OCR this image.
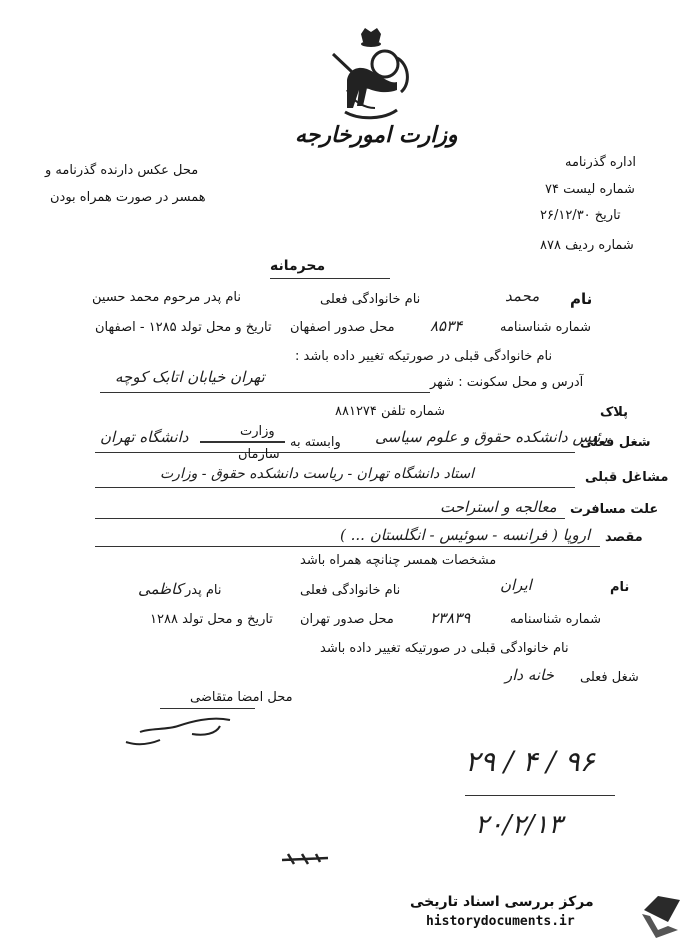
وزارت امورخارجه
اداره گذرنامه
شماره لیست ۷۴
تاریخ ۲۶/۱۲/۳۰
شماره ردیف ۸۷۸
محل عکس دارنده گذرنامه و
همسر در صورت همراه بودن
محرمانه
نام
محمد
نام خانوادگی فعلی
نام پدر مرحوم محمد حسین
شماره شناسنامه
۸۵۳۴
محل صدور اصفهان
تاریخ و محل تولد ۱۲۸۵ - اصفهان
نام خانوادگی قبلی در صورتیکه تغییر داده باشد :
آدرس و محل سکونت : شهر
تهران خیابان اتابک کوچه
پلاک
شماره تلفن ۸۸۱۲۷۴
وزارت
شغل فعلی
رئیس دانشکده حقوق و علوم سیاسی
وابسته به
دانشگاه تهران
سازمان
مشاغل قبلی
استاد دانشگاه تهران - ریاست دانشکده حقوق - وزارت
علت مسافرت
معالجه و استراحت
مقصد
اروپا ( فرانسه - سوئیس - انگلستان ... )
مشخصات همسر چنانچه همراه باشد
نام
ایران
نام خانوادگی فعلی
نام پدر
کاظمی
شماره شناسنامه
۲۳۸۳۹
محل صدور تهران
تاریخ و محل تولد ۱۲۸۸
نام خانوادگی قبلی در صورتیکه تغییر داده باشد
شغل فعلی
خانه دار
محل امضا متقاضی
۹۶ / ۴ / ۲۹
۲۰/۲/۱۳
مرکز بررسی اسناد تاریخی
historydocuments.ir
